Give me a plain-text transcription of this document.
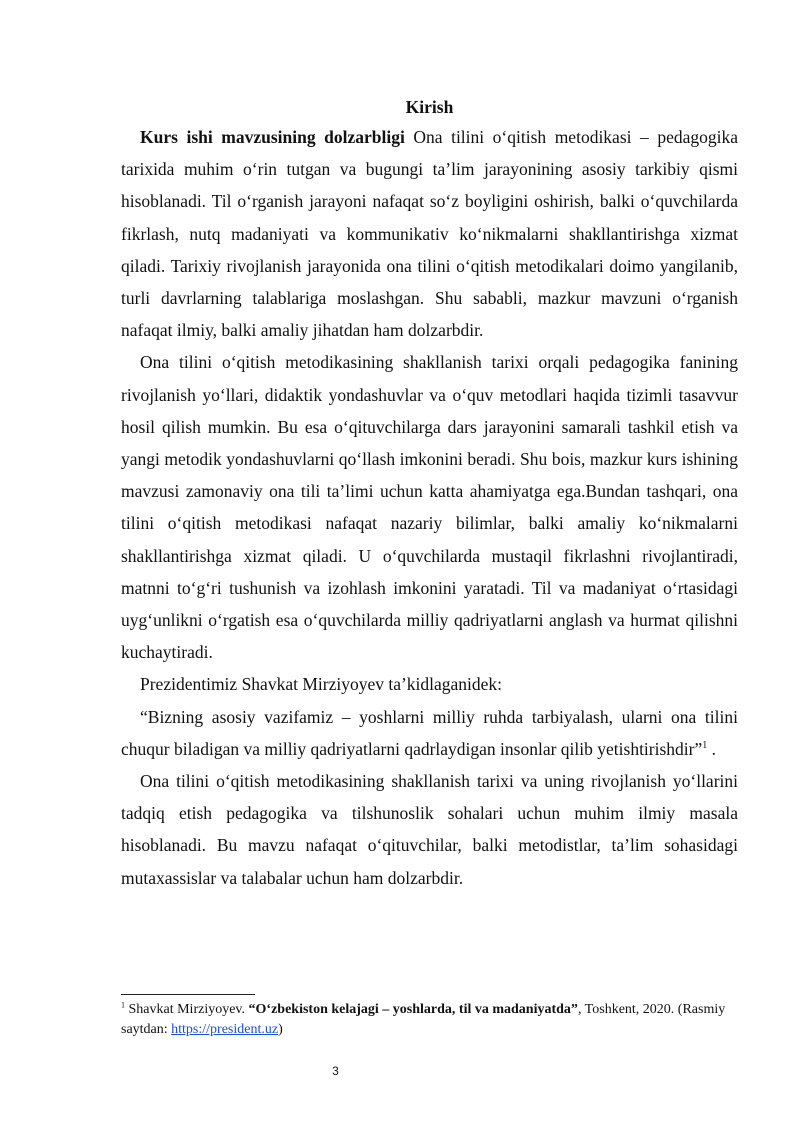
Kirish

Kurs ishi mavzusining dolzarbligi Ona tilini o‘qitish metodikasi – pedagogika tarixida muhim o‘rin tutgan va bugungi ta’lim jarayonining asosiy tarkibiy qismi hisoblanadi. Til o‘rganish jarayoni nafaqat so‘z boyligini oshirish, balki o‘quvchilarda fikrlash, nutq madaniyati va kommunikativ ko‘nikmalarni shakllantirishga xizmat qiladi. Tarixiy rivojlanish jarayonida ona tilini o‘qitish metodikalari doimo yangilanib, turli davrlarning talablariga moslashgan. Shu sababli, mazkur mavzuni o‘rganish nafaqat ilmiy, balki amaliy jihatdan ham dolzarbdir.

Ona tilini o‘qitish metodikasining shakllanish tarixi orqali pedagogika fanining rivojlanish yo‘llari, didaktik yondashuvlar va o‘quv metodlari haqida tizimli tasavvur hosil qilish mumkin. Bu esa o‘qituvchilarga dars jarayonini samarali tashkil etish va yangi metodik yondashuvlarni qo‘llash imkonini beradi. Shu bois, mazkur kurs ishining mavzusi zamonaviy ona tili ta’limi uchun katta ahamiyatga ega.Bundan tashqari, ona tilini o‘qitish metodikasi nafaqat nazariy bilimlar, balki amaliy ko‘nikmalarni shakllantirishga xizmat qiladi. U o‘quvchilarda mustaqil fikrlashni rivojlantiradi, matnni to‘g‘ri tushunish va izohlash imkonini yaratadi. Til va madaniyat o‘rtasidagi uyg‘unlikni o‘rgatish esa o‘quvchilarda milliy qadriyatlarni anglash va hurmat qilishni kuchaytiradi.

Prezidentimiz Shavkat Mirziyoyev ta’kidlaganidek:

“Bizning asosiy vazifamiz – yoshlarni milliy ruhda tarbiyalash, ularni ona tilini chuqur biladigan va milliy qadriyatlarni qadrlaydigan insonlar qilib yetishtirishdir”$^1$ .

Ona tilini o‘qitish metodikasining shakllanish tarixi va uning rivojlanish yo‘llarini tadqiq etish pedagogika va tilshunoslik sohalari uchun muhim ilmiy masala hisoblanadi. Bu mavzu nafaqat o‘qituvchilar, balki metodistlar, ta’lim sohasidagi mutaxassislar va talabalar uchun ham dolzarbdir.

$^1$ Shavkat Mirziyoyev. “O‘zbekiston kelajagi – yoshlarda, til va madaniyatda”, Toshkent, 2020. (Rasmiy saytdan: https://president.uz)
3
